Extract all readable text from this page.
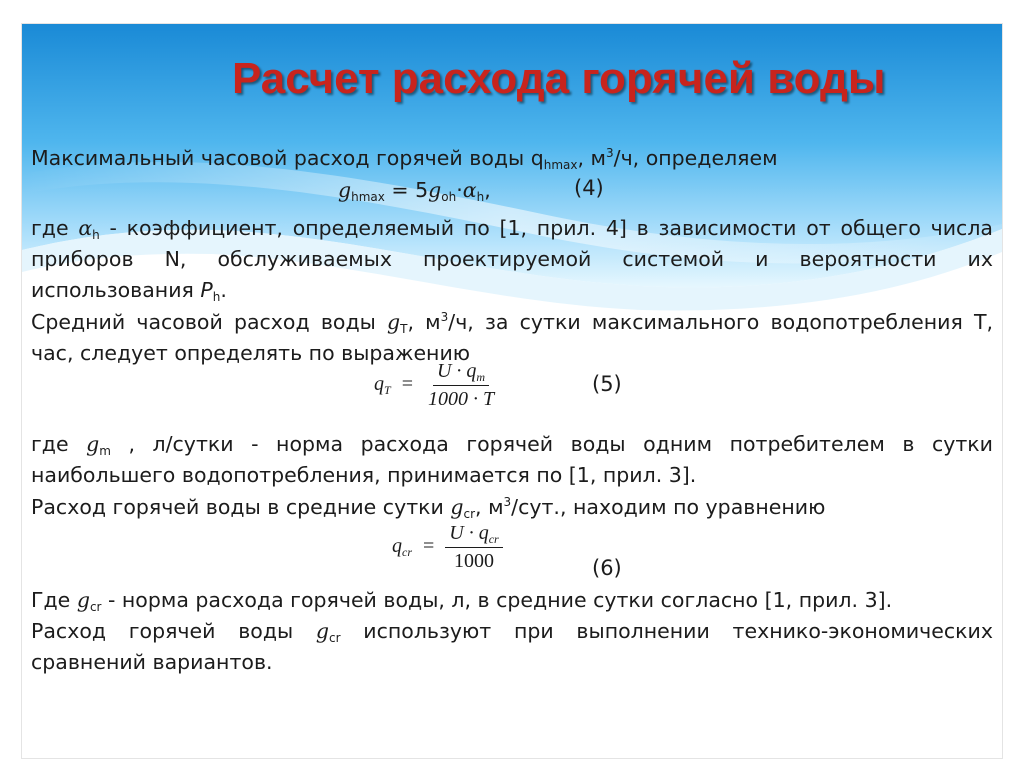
Расчет расхода горячей воды
Максимальный часовой расход горячей воды $q_{hmax}$, $м^3/ч$, определяем
$g_{hmax} = 5g_{oh}\cdot\alpha_h$,	(4)
где $\alpha_h$ - коэффициент, определяемый по [1, прил. 4] в зависимости от общего числа
приборов N, обслуживаемых проектируемой системой и вероятности их
использования $P_h$.
Средний часовой расход воды $g_T$, $м^3/ч$, за сутки максимального водопотребления Т,
час, следует определять по выражению
$q_T = \frac{U \cdot q_m}{1000 \cdot T}$	(5)
где $g_m$ , л/сутки - норма расхода горячей воды одним потребителем в сутки
наибольшего водопотребления, принимается по [1, прил. 3].
Расход горячей воды в средние сутки $g_{cr}$, $м^3$/сут., находим по уравнению
$q_{cr} = \frac{U \cdot q_{cr}}{1000}$	(6)
Где $g_{cr}$ - норма расхода горячей воды, л, в средние сутки согласно [1, прил. 3].
Расход горячей воды $g_{cr}$ используют при выполнении технико-экономических
сравнений вариантов.
